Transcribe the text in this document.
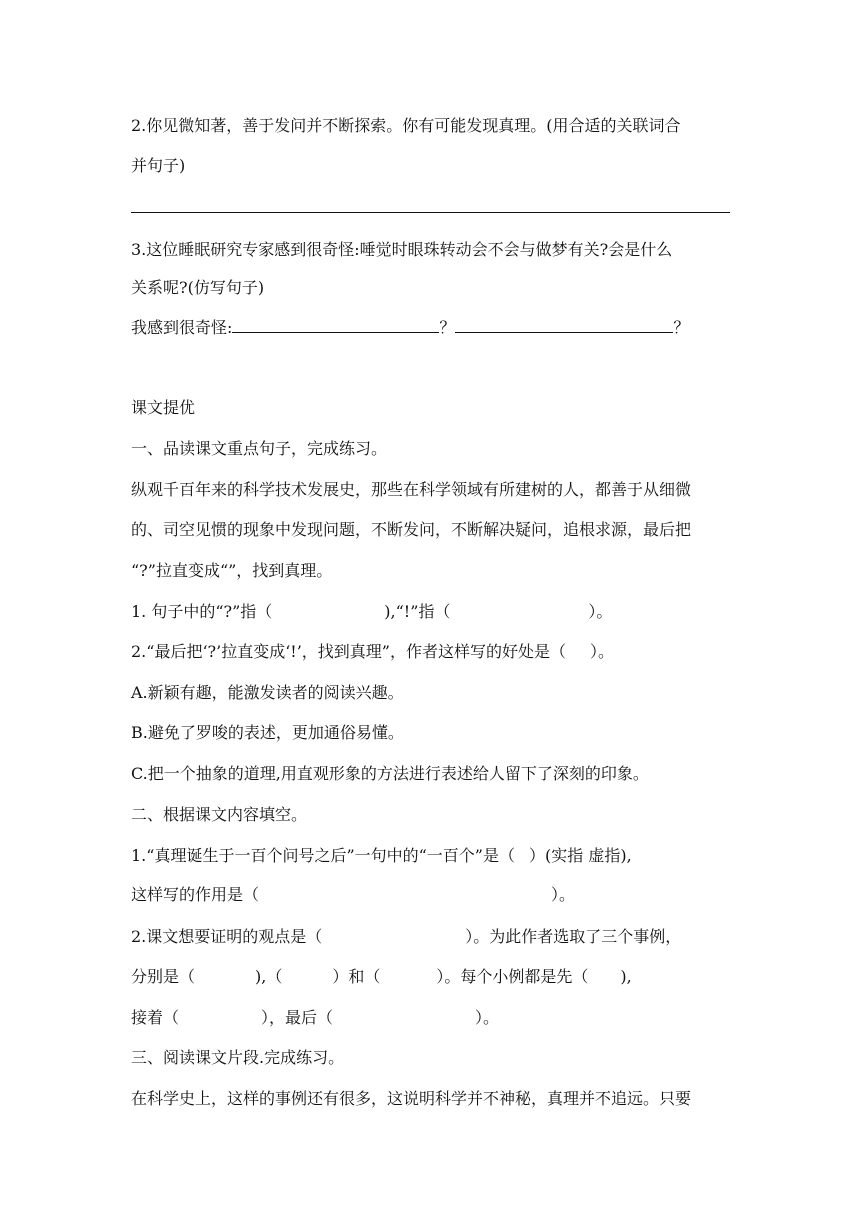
2.你见微知著，善于发问并不断探索。你有可能发现真理。(用合适的关联词合
并句子)
3.这位睡眠研究专家感到很奇怪:唾觉时眼珠转动会不会与做梦有关?会是什么
关系呢?(仿写句子)
我感到很奇怪:	？	？
课文提优
一、品读课文重点句子，完成练习。
纵观千百年来的科学技术发展史，那些在科学领域有所建树的人，都善于从细微
的、司空见惯的现象中发现问题，不断发问，不断解决疑问，追根求源，最后把
“?”拉直变成“”，找到真理。
1. 句子中的“?”指（	),“!”指（	）。
2.“最后把‘?’拉直变成‘!’，找到真理”，作者这样写的好处是（ ）。
A.新颖有趣，能激发读者的阅读兴趣。
B.避免了罗唆的表述，更加通俗易懂。
C.把一个抽象的道理,用直观形象的方法进行表述给人留下了深刻的印象。
二、根据课文内容填空。
1.“真理诞生于一百个问号之后”一句中的“一百个”是（ ）(实指 虚指),
这样写的作用是（	）。
2.课文想要证明的观点是（	）。为此作者选取了三个事例，
分别是（	),（	）和（	）。每个小例都是先（ ),
接着（	），最后（	）。
三、阅读课文片段.完成练习。
在科学史上，这样的事例还有很多，这说明科学并不神秘，真理并不追远。只要
